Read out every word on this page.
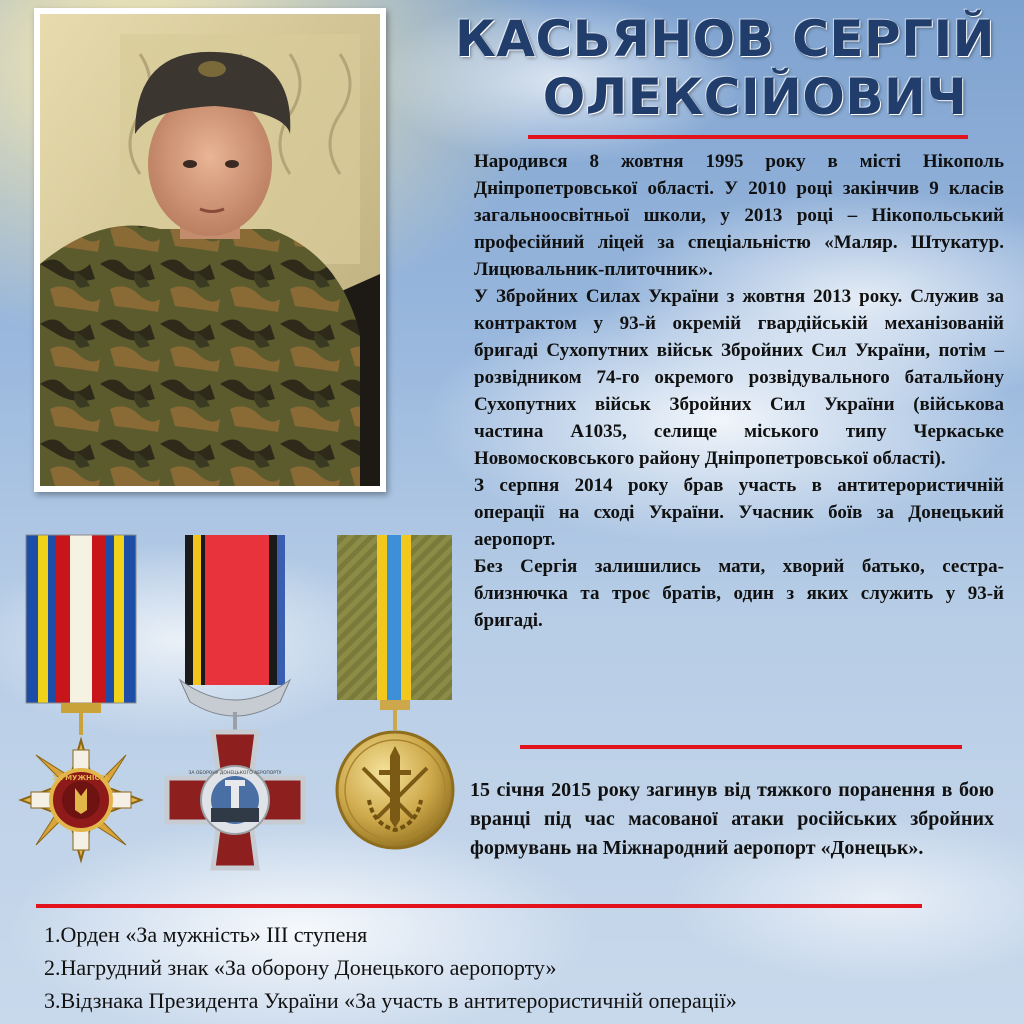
КАСЬЯНОВ СЕРГІЙ
ОЛЕКСІЙОВИЧ

Народився 8 жовтня 1995 року в місті Нікополь Дніпропетровської області. У 2010 році закінчив 9 класів загальноосвітньої школи, у 2013 році – Нікопольський професійний ліцей за спеціальністю «Маляр. Штукатур. Лицювальник-плиточник».

У Збройних Силах України з жовтня 2013 року. Служив за контрактом у 93-й окремій гвардійській механізованій бригаді Сухопутних військ Збройних Сил України, потім – розвідником 74-го окремого розвідувального батальйону Сухопутних військ Збройних Сил України (військова частина А1035, селище міського типу Черкаське Новомосковського району Дніпропетровської області).

З серпня 2014 року брав участь в антитерористичній операції на сході України. Учасник боїв за Донецький аеропорт.

Без Сергія залишились мати, хворий батько, сестра-близнючка та троє братів, один з яких служить у 93-й бригаді.

15 січня 2015 року загинув від тяжкого поранення в бою вранці під час масованої атаки російських збройних формувань на Міжнародний аеропорт «Донецьк».
ЗА МУЖНІСТЬ
ЗА ОБОРОНУ ДОНЕЦЬКОГО АЕРОПОРТУ
1.Орден «За мужність» ІІІ ступеня
2.Нагрудний знак «За оборону Донецького аеропорту»
3.Відзнака Президента України «За участь в антитерористичній операції»
